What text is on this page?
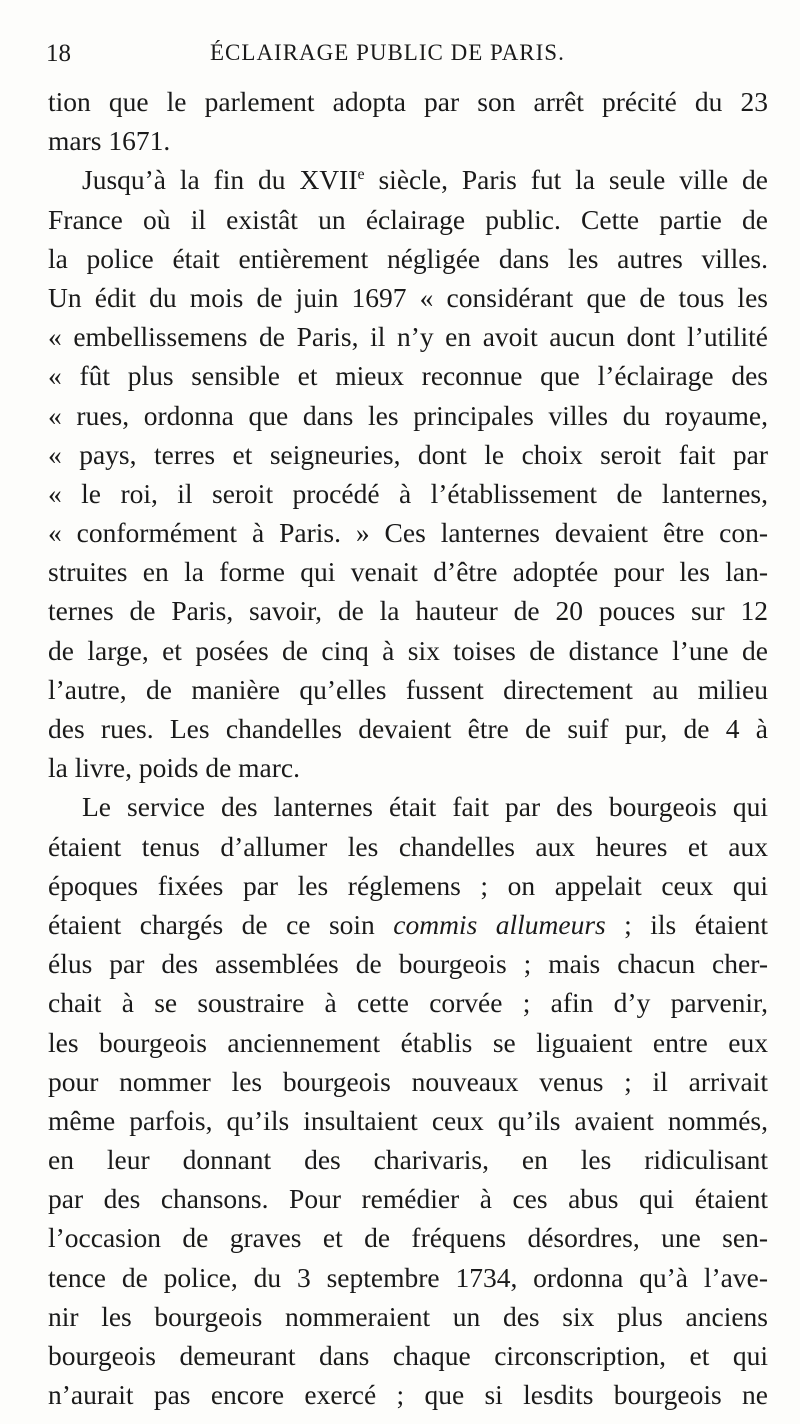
18	ÉCLAIRAGE PUBLIC DE PARIS.
tion que le parlement adopta par son arrêt précité du 23
mars 1671.
Jusqu’à la fin du XVIIe siècle, Paris fut la seule ville de
France où il existât un éclairage public. Cette partie de
la police était entièrement négligée dans les autres villes.
Un édit du mois de juin 1697 « considérant que de tous les
« embellissemens de Paris, il n’y en avoit aucun dont l’utilité
« fût plus sensible et mieux reconnue que l’éclairage des
« rues, ordonna que dans les principales villes du royaume,
« pays, terres et seigneuries, dont le choix seroit fait par
« le roi, il seroit procédé à l’établissement de lanternes,
« conformément à Paris. » Ces lanternes devaient être con-
struites en la forme qui venait d’être adoptée pour les lan-
ternes de Paris, savoir, de la hauteur de 20 pouces sur 12
de large, et posées de cinq à six toises de distance l’une de
l’autre, de manière qu’elles fussent directement au milieu
des rues. Les chandelles devaient être de suif pur, de 4 à
la livre, poids de marc.
Le service des lanternes était fait par des bourgeois qui
étaient tenus d’allumer les chandelles aux heures et aux
époques fixées par les réglemens ; on appelait ceux qui
étaient chargés de ce soin commis allumeurs ; ils étaient
élus par des assemblées de bourgeois ; mais chacun cher-
chait à se soustraire à cette corvée ; afin d’y parvenir,
les bourgeois anciennement établis se liguaient entre eux
pour nommer les bourgeois nouveaux venus ; il arrivait
même parfois, qu’ils insultaient ceux qu’ils avaient nommés,
en leur donnant des charivaris, en les ridiculisant
par des chansons. Pour remédier à ces abus qui étaient
l’occasion de graves et de fréquens désordres, une sen-
tence de police, du 3 septembre 1734, ordonna qu’à l’ave-
nir les bourgeois nommeraient un des six plus anciens
bourgeois demeurant dans chaque circonscription, et qui
n’aurait pas encore exercé ; que si lesdits bourgeois ne
